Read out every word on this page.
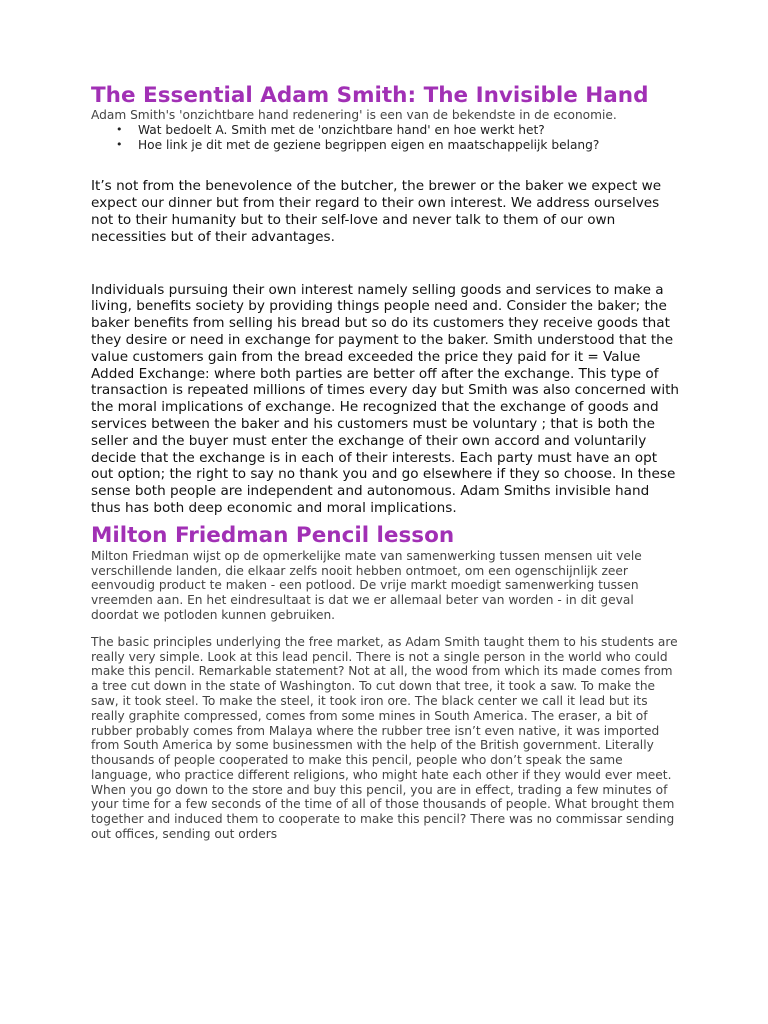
The Essential Adam Smith: The Invisible Hand

Adam Smith's 'onzichtbare hand redenering' is een van de bekendste in de economie.

• Wat bedoelt A. Smith met de 'onzichtbare hand' en hoe werkt het?
• Hoe link je dit met de geziene begrippen eigen en maatschappelijk belang?

It’s not from the benevolence of the butcher, the brewer or the baker we expect we expect our dinner but from their regard to their own interest. We address ourselves not to their humanity but to their self-love and never talk to them of our own necessities but of their advantages.

Individuals pursuing their own interest namely selling goods and services to make a living, benefits society by providing things people need and. Consider the baker; the baker benefits from selling his bread but so do its customers they receive goods that they desire or need in exchange for payment to the baker. Smith understood that the value customers gain from the bread exceeded the price they paid for it = Value Added Exchange: where both parties are better off after the exchange. This type of transaction is repeated millions of times every day but Smith was also concerned with the moral implications of exchange. He recognized that the exchange of goods and services between the baker and his customers must be voluntary ; that is both the seller and the buyer must enter the exchange of their own accord and voluntarily decide that the exchange is in each of their interests. Each party must have an opt out option; the right to say no thank you and go elsewhere if they so choose. In these sense both people are independent and autonomous. Adam Smiths invisible hand thus has both deep economic and moral implications.

Milton Friedman Pencil lesson

Milton Friedman wijst op de opmerkelijke mate van samenwerking tussen mensen uit vele verschillende landen, die elkaar zelfs nooit hebben ontmoet, om een ogenschijnlijk zeer eenvoudig product te maken - een potlood. De vrije markt moedigt samenwerking tussen vreemden aan. En het eindresultaat is dat we er allemaal beter van worden - in dit geval doordat we potloden kunnen gebruiken.

The basic principles underlying the free market, as Adam Smith taught them to his students are really very simple. Look at this lead pencil. There is not a single person in the world who could make this pencil. Remarkable statement? Not at all, the wood from which its made comes from a tree cut down in the state of Washington. To cut down that tree, it took a saw. To make the saw, it took steel. To make the steel, it took iron ore. The black center we call it lead but its really graphite compressed, comes from some mines in South America. The eraser, a bit of rubber probably comes from Malaya where the rubber tree isn’t even native, it was imported from South America by some businessmen with the help of the British government. Literally thousands of people cooperated to make this pencil, people who don’t speak the same language, who practice different religions, who might hate each other if they would ever meet. When you go down to the store and buy this pencil, you are in effect, trading a few minutes of your time for a few seconds of the time of all of those thousands of people. What brought them together and induced them to cooperate to make this pencil? There was no commissar sending out offices, sending out orders
